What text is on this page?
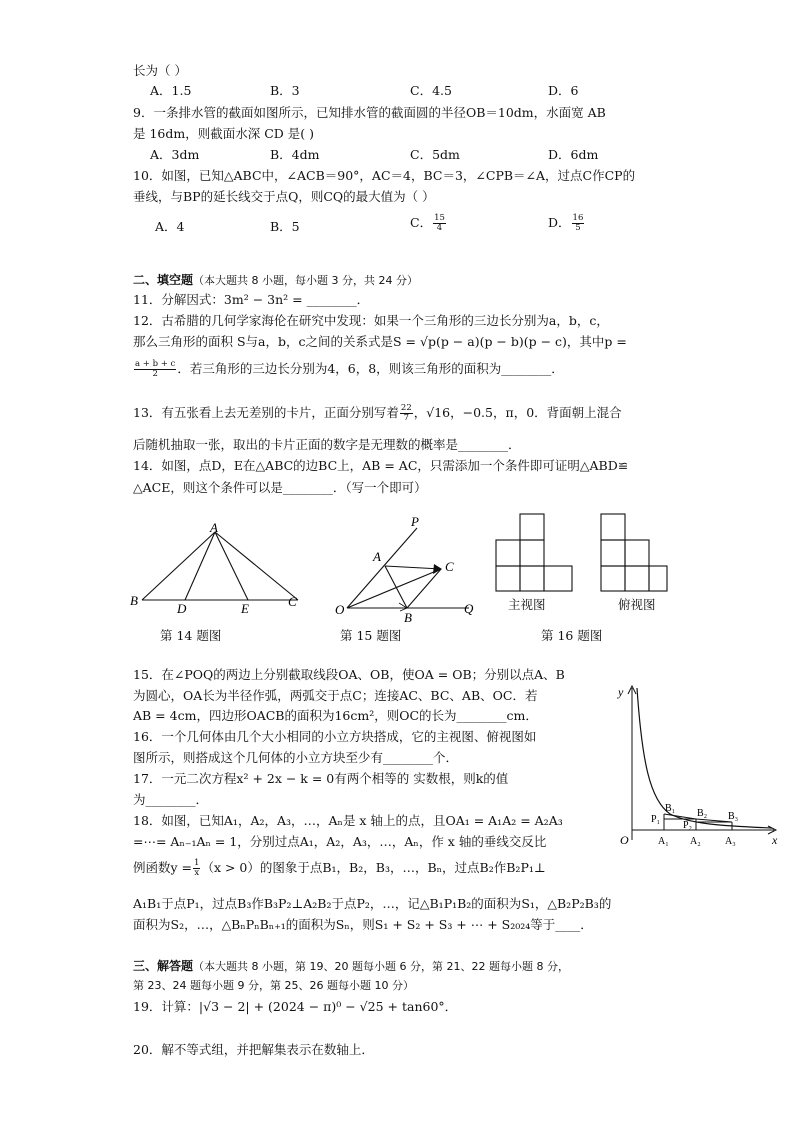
长为（ ）
A．1.5	B．3	C．4.5	D．6
9．一条排水管的截面如图所示，已知排水管的截面圆的半径OB＝10dm，水面宽 AB
是 16dm，则截面水深 CD 是( )
A．3dm	B．4dm	C．5dm	D．6dm
10．如图，已知△ABC中，∠ACB＝90°，AC＝4，BC＝3，∠CPB＝∠A，过点C作CP的
垂线，与BP的延长线交于点Q，则CQ的最大值为（ ）
A．4	B．5	C． $\frac{15}{4}$	D． $\frac{16}{5}$
二、填空题（本大题共 8 小题，每小题 3 分，共 24 分）
11．分解因式：3m² − 3n² = ________．
12．古希腊的几何学家海伦在研究中发现：如果一个三角形的三边长分别为a，b，c，
那么三角形的面积 S与a，b，c之间的关系式是S = √p(p − a)(p − b)(p − c)，其中p =
$\frac{a + b + c}{2}$ ．若三角形的三边长分别为4，6，8，则该三角形的面积为________．
13．有五张看上去无差别的卡片，正面分别写着 $\frac{22}{7}$ ，√16，−0.5，π，0．背面朝上混合
后随机抽取一张，取出的卡片正面的数字是无理数的概率是________．
14．如图，点D，E在△ABC的边BC上，AB = AC，只需添加一个条件即可证明△ABD≌
△ACE，则这个条件可以是________．（写一个即可）
A
B
D	E	C
第 14 题图
P
A
C
O
B
Q
第 15 题图
主视图	俯视图
第 16 题图
15．在∠POQ的两边上分别截取线段OA、OB，使OA = OB；分别以点A、B
为圆心，OA长为半径作弧，两弧交于点C；连接AC、BC、AB、OC．若
AB = 4cm，四边形OACB的面积为16cm²，则OC的长为________cm．
16．一个几何体由几个大小相同的小立方块搭成，它的主视图、俯视图如
图所示，则搭成这个几何体的小立方块至少有________个．
17．一元二次方程x² + 2x − k = 0有两个相等的 实数根，则k的值
为________．
18．如图，已知A₁，A₂，A₃，…，Aₙ是 x 轴上的点，且OA₁ = A₁A₂ = A₂A₃
=⋯= Aₙ₋₁Aₙ = 1，分别过点A₁，A₂，A₃，…，Aₙ，作 x 轴的垂线交反比
例函数$y = \frac{1}{x} (x > 0)$的图象于点B₁，B₂，B₃，…，Bₙ，过点B₂作B₂P₁⊥
A₁B₁于点P₁，过点B₃作B₃P₂⊥A₂B₂于点P₂，…，记△B₁P₁B₂的面积为S₁，△B₂P₂B₃的
面积为S₂，…，△BₙPₙBₙ₊₁的面积为Sₙ，则S₁ + S₂ + S₃ + ⋯ + S₂₀₂₄等于____．
y
x
O	A₁ A₂ A₃
B₁ B₂ B₃
P₁
P₂
三、解答题（本大题共 8 小题，第 19、20 题每小题 6 分，第 21、22 题每小题 8 分，
第 23、24 题每小题 9 分，第 25、26 题每小题 10 分）
19．计算：|√3 − 2| + (2024 − π)⁰ − √25 + tan60°．
20．解不等式组，并把解集表示在数轴上．
